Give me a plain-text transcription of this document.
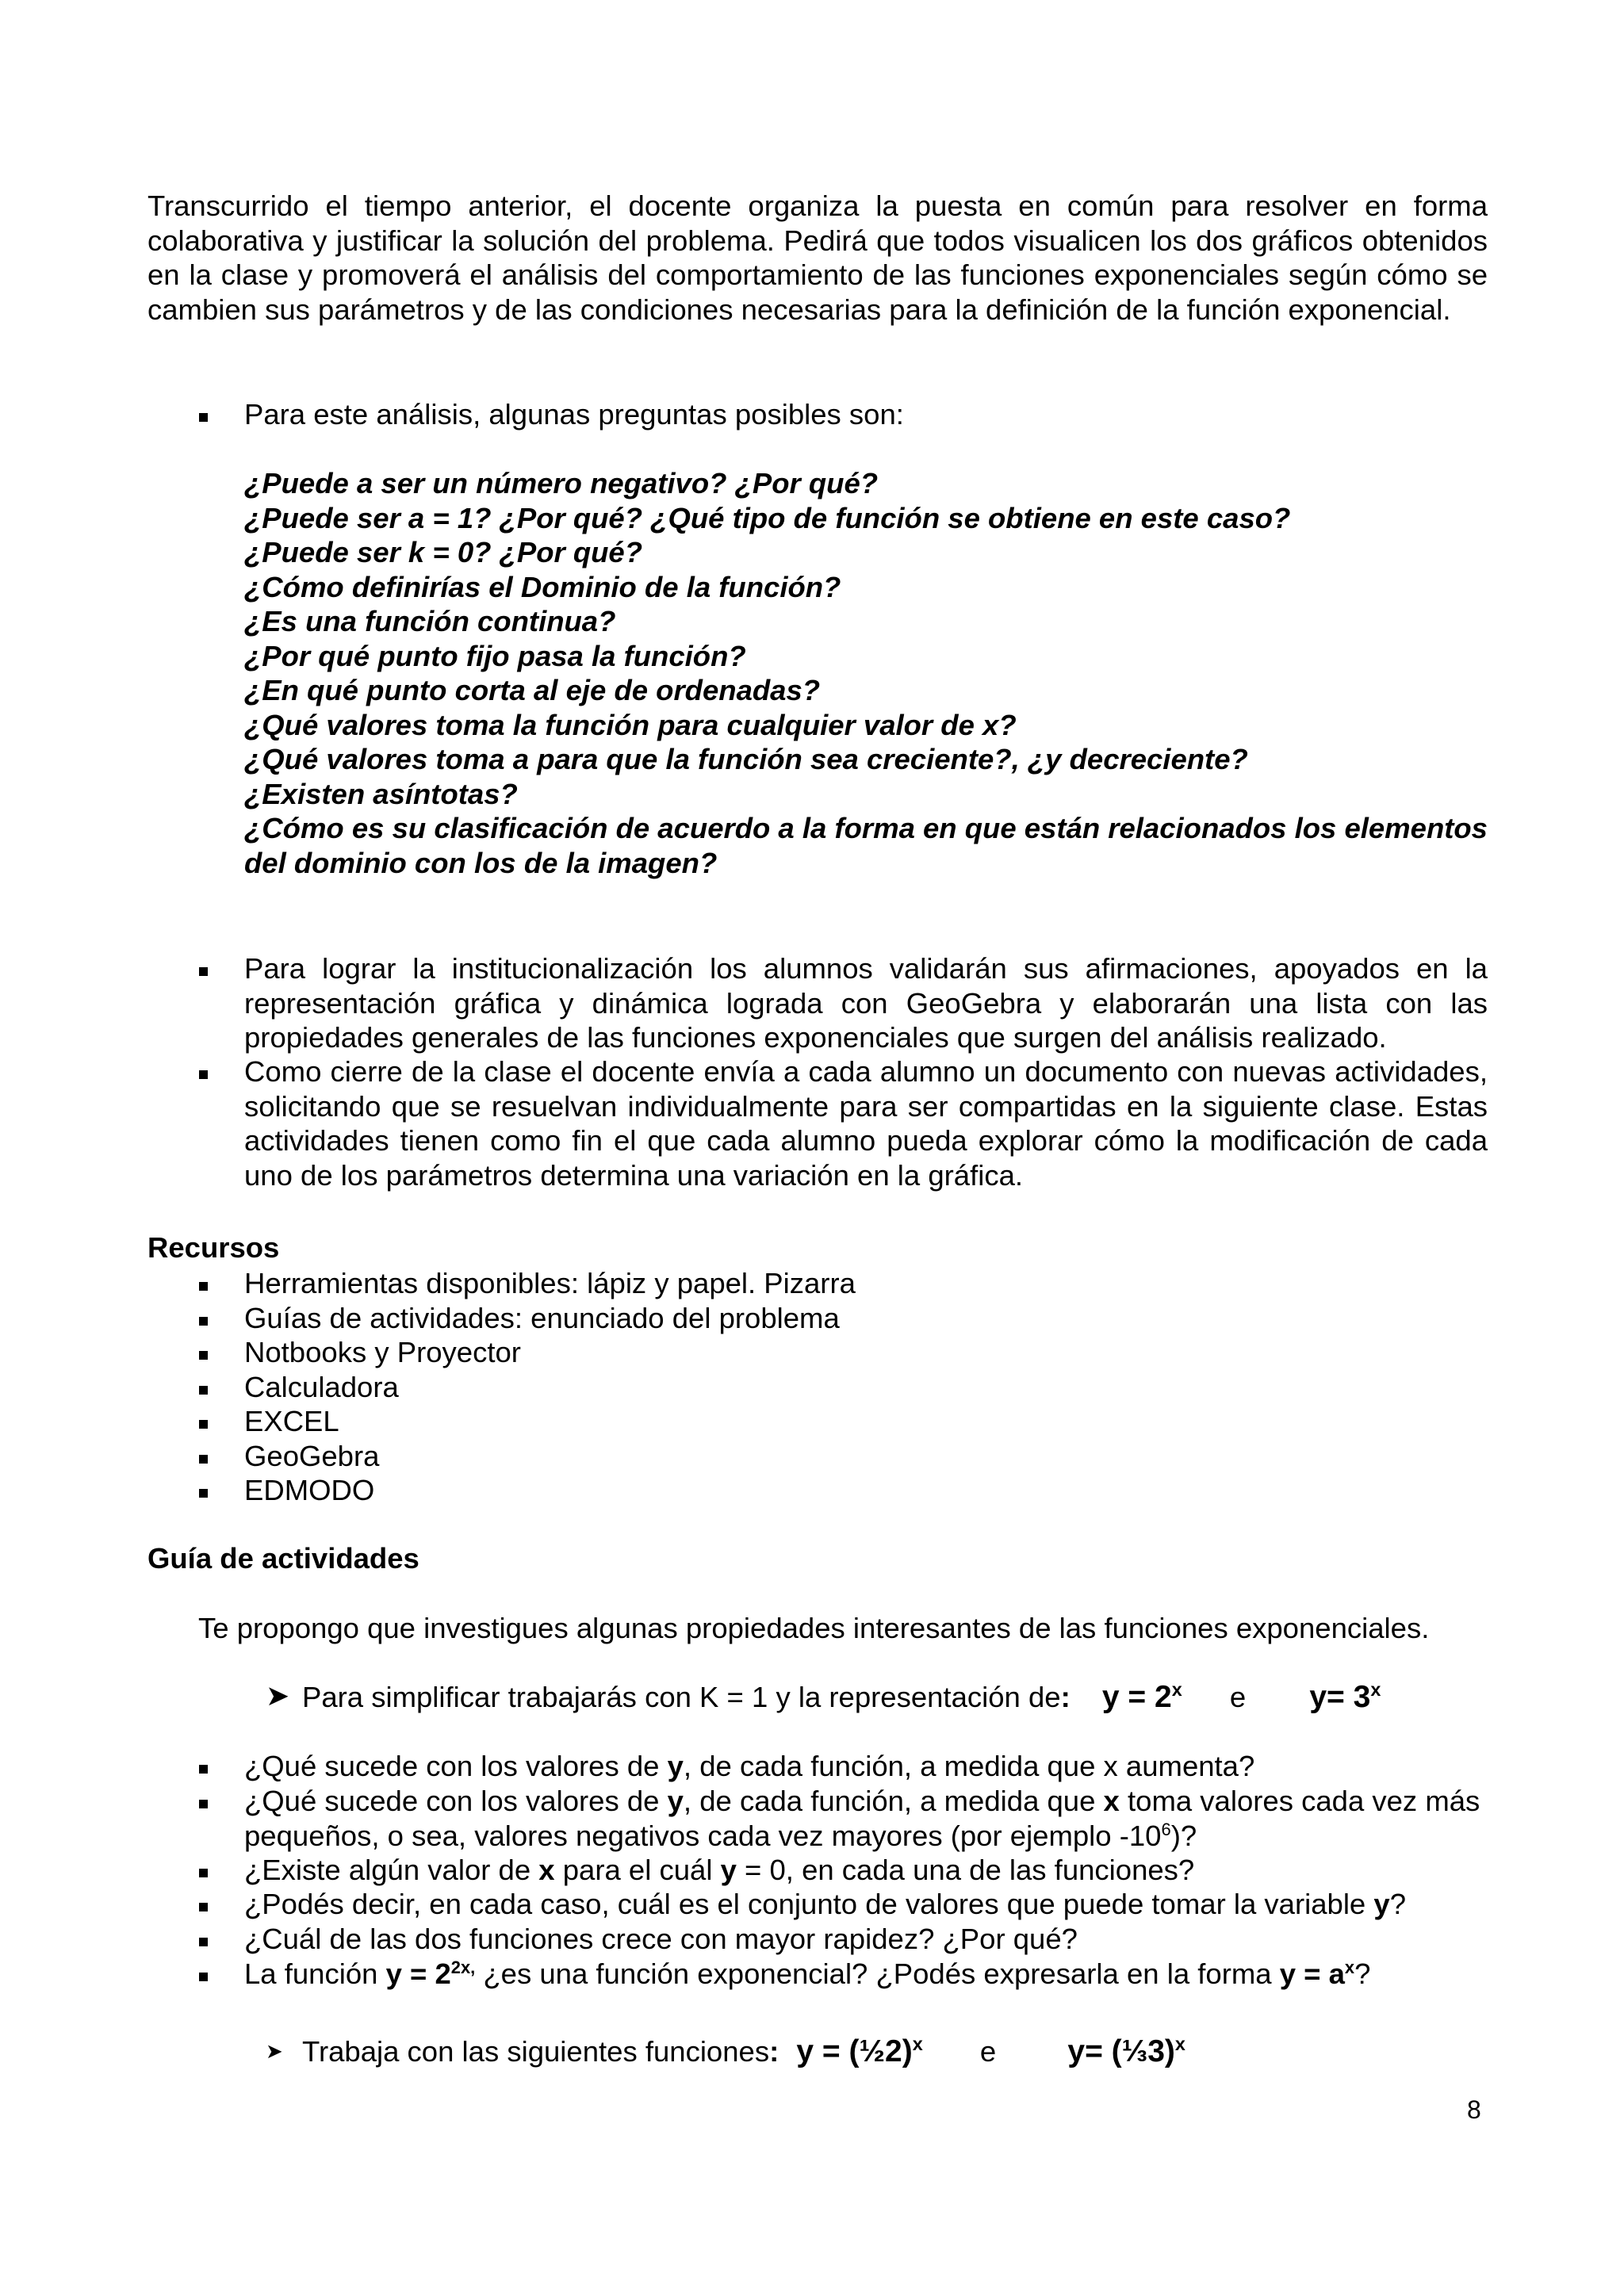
Transcurrido el tiempo anterior, el docente organiza la puesta en común para resolver en forma colaborativa y justificar la solución del problema. Pedirá que todos visualicen los dos gráficos obtenidos en la clase y promoverá el análisis del comportamiento de las funciones exponenciales según cómo se cambien sus parámetros y de las condiciones necesarias para la definición de la función exponencial.

Para este análisis, algunas preguntas posibles son:
¿Puede a ser un número negativo? ¿Por qué?
¿Puede ser a = 1? ¿Por qué? ¿Qué tipo de función se obtiene en este caso?
¿Puede ser k = 0? ¿Por qué?
¿Cómo definirías el Dominio de la función?
¿Es una función continua?
¿Por qué punto fijo pasa la función?
¿En qué punto corta al eje de ordenadas?
¿Qué valores toma la función para cualquier valor de x?
¿Qué valores toma a para que la función sea creciente?, ¿y decreciente?
¿Existen asíntotas?
¿Cómo es su clasificación de acuerdo a la forma en que están relacionados los elementos del dominio con los de la imagen?
Para lograr la institucionalización los alumnos validarán sus afirmaciones, apoyados en la representación gráfica y dinámica lograda con GeoGebra y elaborarán una lista con las propiedades generales de las funciones exponenciales que surgen del análisis realizado.
Como cierre de la clase el docente envía a cada alumno un documento con nuevas actividades, solicitando que se resuelvan individualmente para ser compartidas en la siguiente clase. Estas actividades tienen como fin el que cada alumno pueda explorar cómo la modificación de cada uno de los parámetros determina una variación en la gráfica.
Recursos
Herramientas disponibles: lápiz y papel. Pizarra
Guías de actividades: enunciado del problema
Notbooks y Proyector
Calculadora
EXCEL
GeoGebra
EDMODO
Guía de actividades
Te propongo que investigues algunas propiedades interesantes de las funciones exponenciales.
➤ Para simplificar trabajarás con K = 1 y la representación de: $y = 2^x$ e $y= 3^x$
¿Qué sucede con los valores de y, de cada función, a medida que x aumenta?
¿Qué sucede con los valores de y, de cada función, a medida que x toma valores cada vez más pequeños, o sea, valores negativos cada vez mayores (por ejemplo $-10^6$)?
¿Existe algún valor de x para el cuál y = 0, en cada una de las funciones?
¿Podés decir, en cada caso, cuál es el conjunto de valores que puede tomar la variable y?
¿Cuál de las dos funciones crece con mayor rapidez? ¿Por qué?
La función $y = 2^{2x,}$ ¿es una función exponencial? ¿Podés expresarla en la forma $y = a^x$?
➤ Trabaja con las siguientes funciones: y = (½2)$^x$ e y= (⅓3)$^x$
8
